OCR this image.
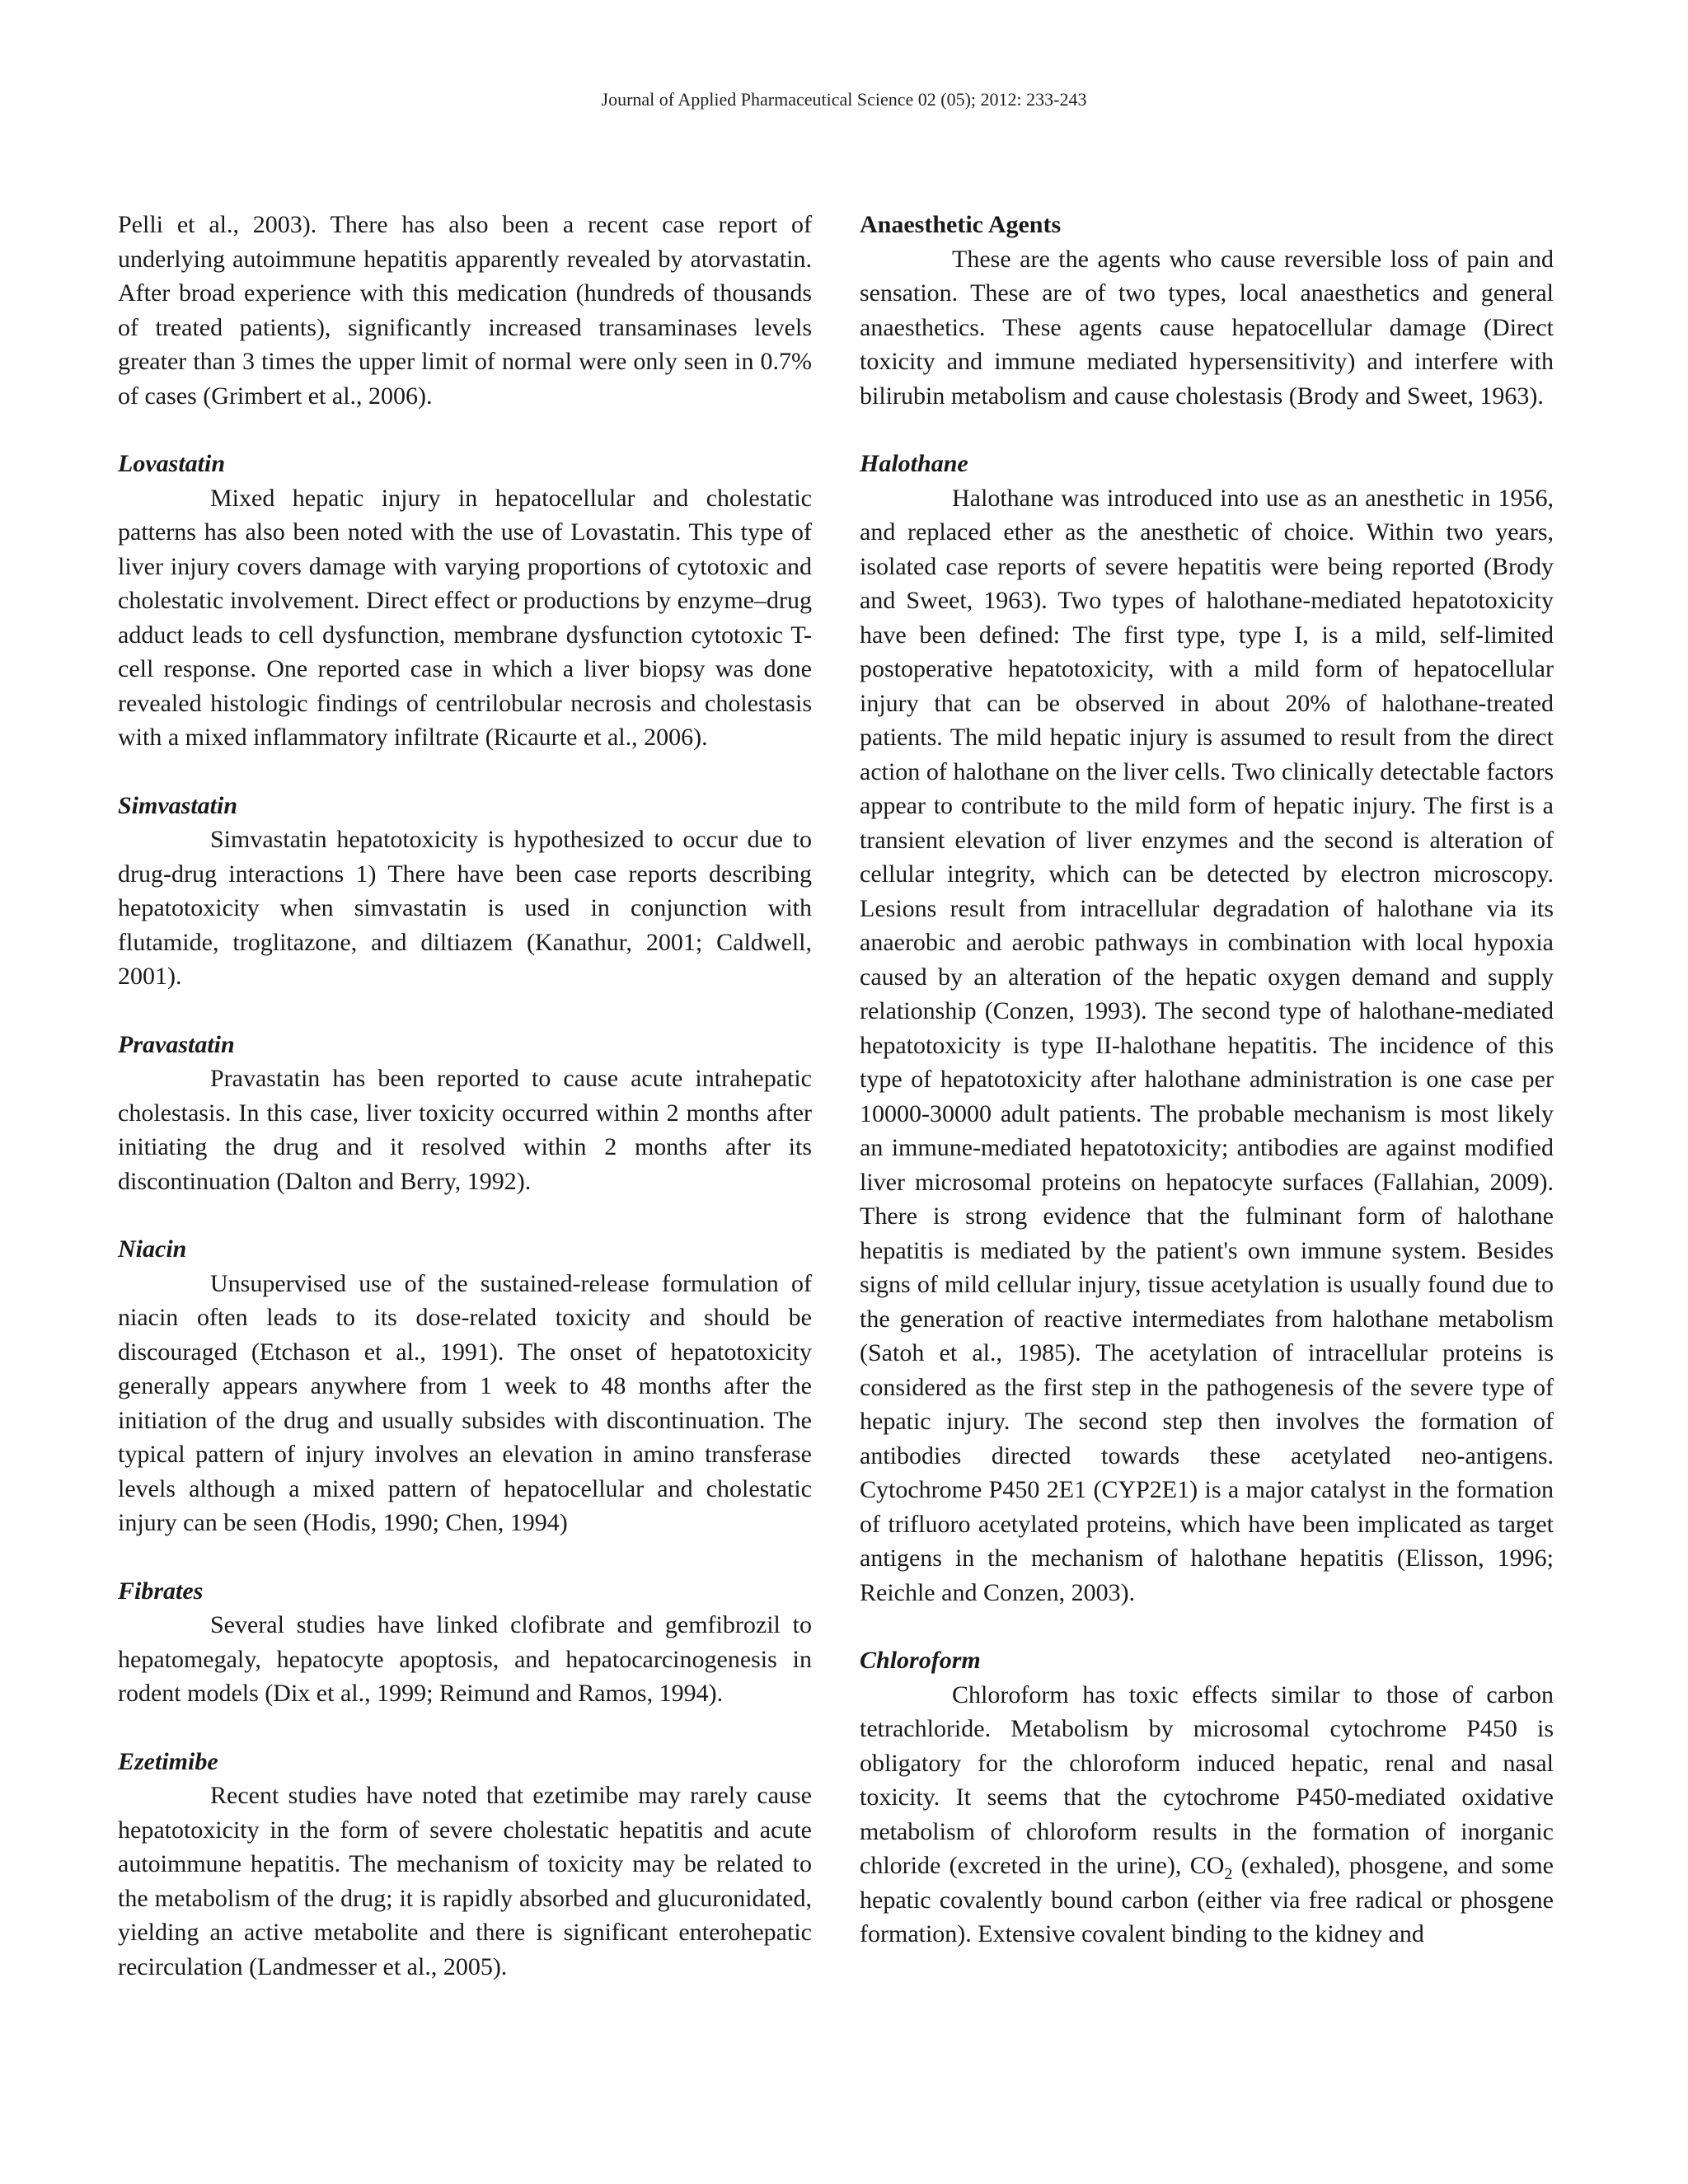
Journal of Applied Pharmaceutical Science 02 (05); 2012: 233-243

Pelli et al., 2003). There has also been a recent case report of underlying autoimmune hepatitis apparently revealed by atorvastatin. After broad experience with this medication (hundreds of thousands of treated patients), significantly increased transaminases levels greater than 3 times the upper limit of normal were only seen in 0.7% of cases (Grimbert et al., 2006).

Lovastatin

Mixed hepatic injury in hepatocellular and cholestatic patterns has also been noted with the use of Lovastatin. This type of liver injury covers damage with varying proportions of cytotoxic and cholestatic involvement. Direct effect or productions by enzyme–drug adduct leads to cell dysfunction, membrane dysfunction cytotoxic T-cell response. One reported case in which a liver biopsy was done revealed histologic findings of centrilobular necrosis and cholestasis with a mixed inflammatory infiltrate (Ricaurte et al., 2006).

Simvastatin

Simvastatin hepatotoxicity is hypothesized to occur due to drug-drug interactions 1) There have been case reports describing hepatotoxicity when simvastatin is used in conjunction with flutamide, troglitazone, and diltiazem (Kanathur, 2001; Caldwell, 2001).

Pravastatin

Pravastatin has been reported to cause acute intrahepatic cholestasis. In this case, liver toxicity occurred within 2 months after initiating the drug and it resolved within 2 months after its discontinuation (Dalton and Berry, 1992).

Niacin

Unsupervised use of the sustained-release formulation of niacin often leads to its dose-related toxicity and should be discouraged (Etchason et al., 1991). The onset of hepatotoxicity generally appears anywhere from 1 week to 48 months after the initiation of the drug and usually subsides with discontinuation. The typical pattern of injury involves an elevation in amino transferase levels although a mixed pattern of hepatocellular and cholestatic injury can be seen (Hodis, 1990; Chen, 1994)

Fibrates

Several studies have linked clofibrate and gemfibrozil to hepatomegaly, hepatocyte apoptosis, and hepatocarcinogenesis in rodent models (Dix et al., 1999; Reimund and Ramos, 1994).

Ezetimibe

Recent studies have noted that ezetimibe may rarely cause hepatotoxicity in the form of severe cholestatic hepatitis and acute autoimmune hepatitis. The mechanism of toxicity may be related to the metabolism of the drug; it is rapidly absorbed and glucuronidated, yielding an active metabolite and there is significant enterohepatic recirculation (Landmesser et al., 2005).

Anaesthetic Agents

These are the agents who cause reversible loss of pain and sensation. These are of two types, local anaesthetics and general anaesthetics. These agents cause hepatocellular damage (Direct toxicity and immune mediated hypersensitivity) and interfere with bilirubin metabolism and cause cholestasis (Brody and Sweet, 1963).

Halothane

Halothane was introduced into use as an anesthetic in 1956, and replaced ether as the anesthetic of choice. Within two years, isolated case reports of severe hepatitis were being reported (Brody and Sweet, 1963). Two types of halothane-mediated hepatotoxicity have been defined: The first type, type I, is a mild, self-limited postoperative hepatotoxicity, with a mild form of hepatocellular injury that can be observed in about 20% of halothane-treated patients. The mild hepatic injury is assumed to result from the direct action of halothane on the liver cells. Two clinically detectable factors appear to contribute to the mild form of hepatic injury. The first is a transient elevation of liver enzymes and the second is alteration of cellular integrity, which can be detected by electron microscopy. Lesions result from intracellular degradation of halothane via its anaerobic and aerobic pathways in combination with local hypoxia caused by an alteration of the hepatic oxygen demand and supply relationship (Conzen, 1993). The second type of halothane-mediated hepatotoxicity is type II-halothane hepatitis. The incidence of this type of hepatotoxicity after halothane administration is one case per 10000-30000 adult patients. The probable mechanism is most likely an immune-mediated hepatotoxicity; antibodies are against modified liver microsomal proteins on hepatocyte surfaces (Fallahian, 2009). There is strong evidence that the fulminant form of halothane hepatitis is mediated by the patient's own immune system. Besides signs of mild cellular injury, tissue acetylation is usually found due to the generation of reactive intermediates from halothane metabolism (Satoh et al., 1985). The acetylation of intracellular proteins is considered as the first step in the pathogenesis of the severe type of hepatic injury. The second step then involves the formation of antibodies directed towards these acetylated neo-antigens. Cytochrome P450 2E1 (CYP2E1) is a major catalyst in the formation of trifluoro acetylated proteins, which have been implicated as target antigens in the mechanism of halothane hepatitis (Elisson, 1996; Reichle and Conzen, 2003).

Chloroform

Chloroform has toxic effects similar to those of carbon tetrachloride. Metabolism by microsomal cytochrome P450 is obligatory for the chloroform induced hepatic, renal and nasal toxicity. It seems that the cytochrome P450-mediated oxidative metabolism of chloroform results in the formation of inorganic chloride (excreted in the urine), $CO_2$ (exhaled), phosgene, and some hepatic covalently bound carbon (either via free radical or phosgene formation). Extensive covalent binding to the kidney and
